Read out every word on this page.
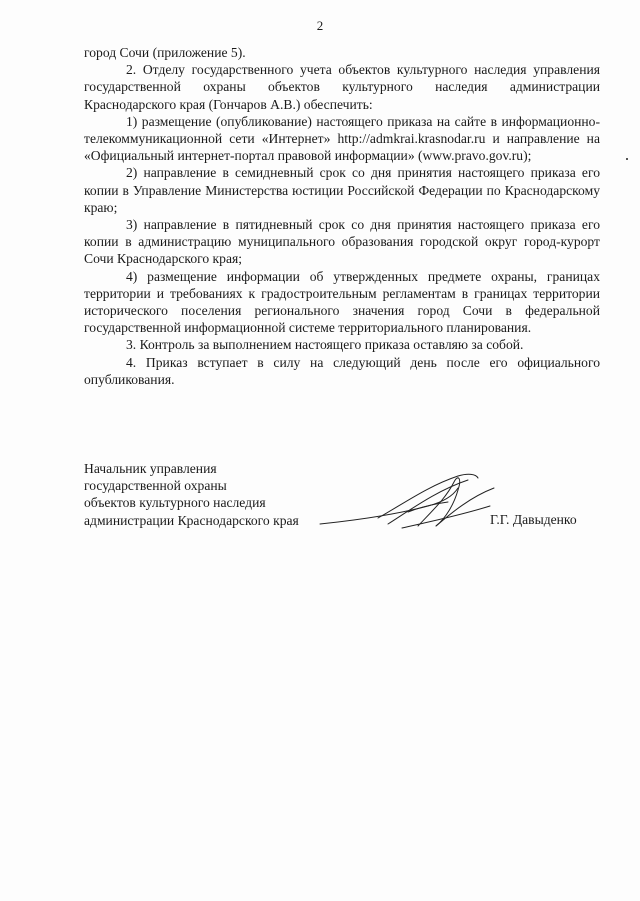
2

город Сочи (приложение 5).

2. Отделу государственного учета объектов культурного наследия управления государственной охраны объектов культурного наследия администрации Краснодарского края (Гончаров А.В.) обеспечить:

1) размещение (опубликование) настоящего приказа на сайте в информационно-телекоммуникационной сети «Интернет» http://admkrai.krasnodar.ru и направление на «Официальный интернет-портал правовой информации» (www.pravo.gov.ru);

2) направление в семидневный срок со дня принятия настоящего приказа его копии в Управление Министерства юстиции Российской Федерации по Краснодарскому краю;

3) направление в пятидневный срок со дня принятия настоящего приказа его копии в администрацию муниципального образования городской округ город-курорт Сочи Краснодарского края;

4) размещение информации об утвержденных предмете охраны, границах территории и требованиях к градостроительным регламентам в границах территории исторического поселения регионального значения город Сочи в федеральной государственной информационной системе территориального планирования.

3. Контроль за выполнением настоящего приказа оставляю за собой.

4. Приказ вступает в силу на следующий день после его официального опубликования.

Начальник управления
государственной охраны
объектов культурного наследия
администрации Краснодарского края	Г.Г. Давыденко
